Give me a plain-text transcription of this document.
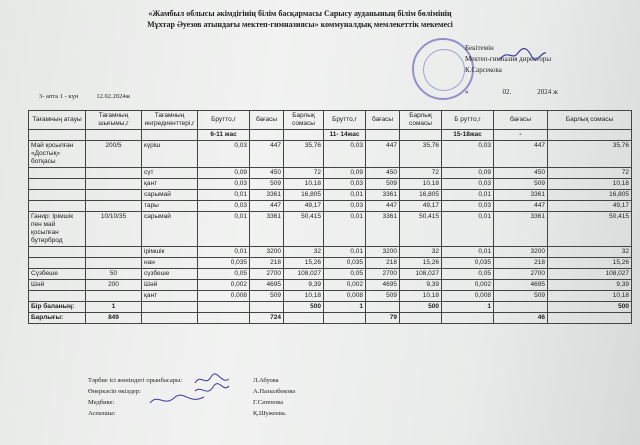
«Жамбыл облысы әкімдігінің білім басқармасы Сарысу ауданының білім бөлімінің
Мұхтар Әуезов атындағы мектеп-гимназиясы» коммуналдық мемлекеттік мекемесі
Бекітемін
Мектеп-гимназия директоры
К.Сарсекова
«	02.	2024 ж
3- апта 1 - күн	12.02.2024ж
Тағамның атауы	Тағамның шығымы,г	Тағамның ингредиенттері,г	Брутто,г	бағасы	Барлық сомасы	Брутто,г	бағасы	Барлық сомасы	Б рутто,г	бағасы	Барлық сомасы
			6-11 жас			11- 14жас			15-18жас	-	
Май қосылған «Достық» ботқасы	200/5	күріш	0,03	447	35,76	0,03	447	35,76	0,03	447	35,76
		сүт	0,09	450	72	0,09	450	72	0,09	450	72
		қант	0,03	509	10,18	0,03	509	10,18	0,03	509	10,18
		сарымай	0,01	3361	16,805	0,01	3361	16,805	0,01	3361	16,805
		тары	0,03	447	49,17	0,03	447	49,17	0,03	447	49,17
Ганир: Ірімшік пен май қосылған бутерброд	10/10/35	сарымай	0,01	3361	50,415	0,01	3361	50,415	0,01	3361	50,415
		ірімшік	0,01	3200	32	0,01	3200	32	0,01	3200	32
		нан	0,035	218	15,26	0,035	218	15,26	0,035	218	15,26
Сүзбеше	50	сүзбеше	0,05	2700	108,027	0,05	2700	108,027	0,05	2700	108,027
Шәй	200	Шәй	0,002	4695	9,39	0,002	4695	9,39	0,002	4695	9,39
		қант	0,008	509	10,18	0,008	509	10,18	0,008	509	10,18
Бір баланың:	1				500	1		500	1		500
Барлығы:	849			724			79			46	
Тәрбие ісі жөніндегі орынбасары:	Л.Абуова
Өнеркәсіп өкілдер:	А.Пазылбекова
Медбике:	Г.Сатенова
Аспазшы:	Қ.Шужеева.
